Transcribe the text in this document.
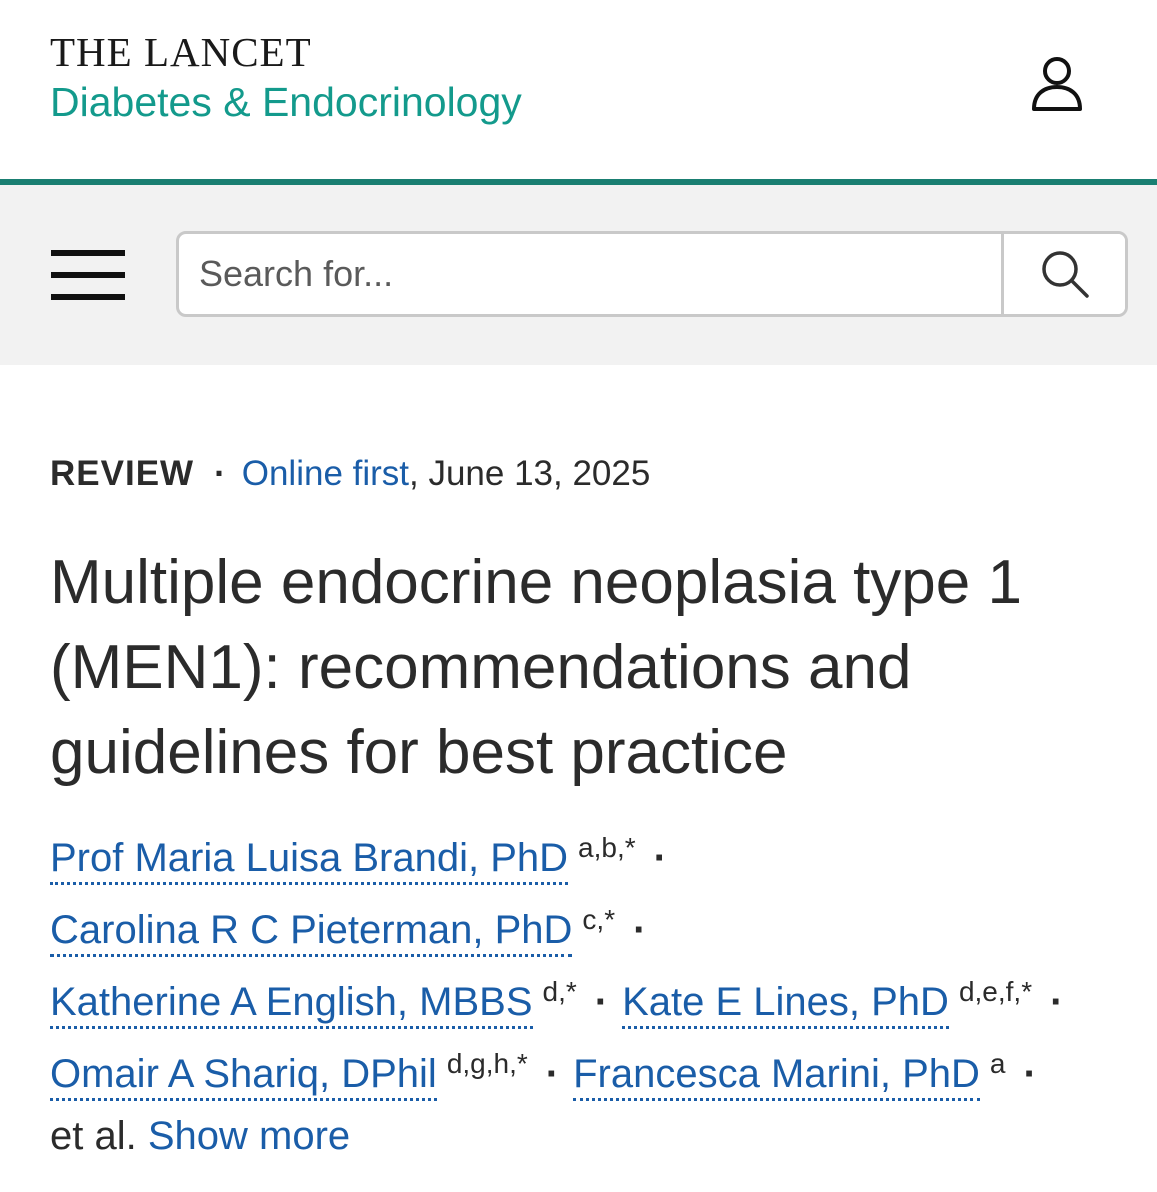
THE LANCET
Diabetes & Endocrinology
Search for...
REVIEW · Online first, June 13, 2025
Multiple endocrine neoplasia type 1 (MEN1): recommendations and guidelines for best practice
Prof Maria Luisa Brandi, PhD $^{a,b,*}$ ·
Carolina R C Pieterman, PhD $^{c,*}$ ·
Katherine A English, MBBS $^{d,*}$ · Kate E Lines, PhD $^{d,e,f,*}$ ·
Omair A Shariq, DPhil $^{d,g,h,*}$ · Francesca Marini, PhD $^a$ ·
et al. Show more
